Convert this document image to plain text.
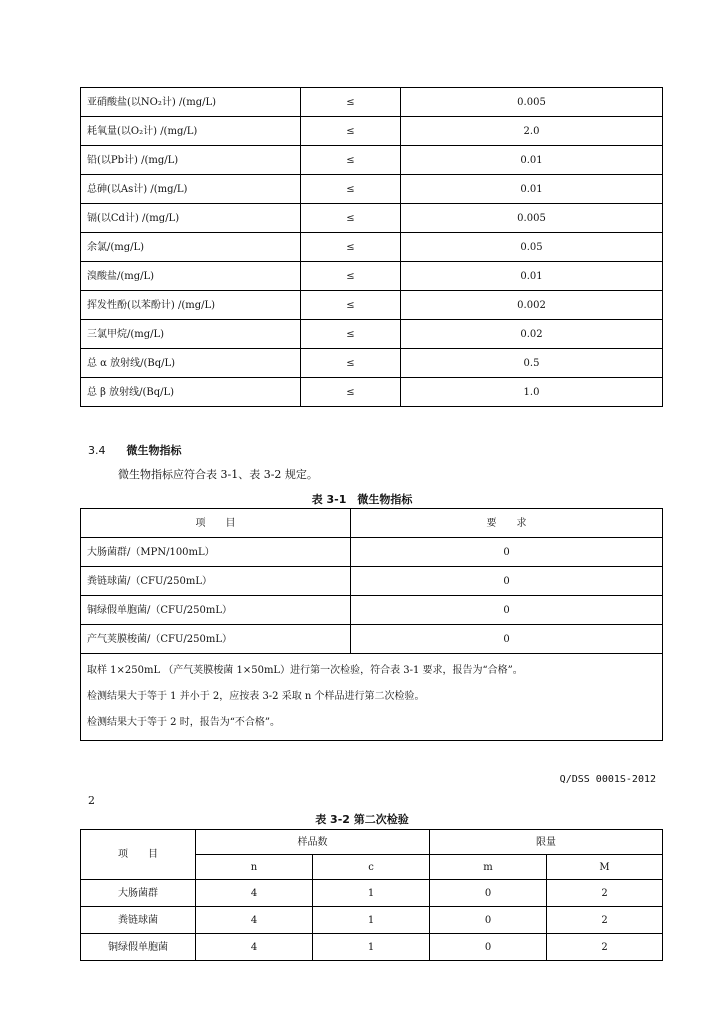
亚硝酸盐(以NO₂计) /(mg/L)	≤	0.005
耗氧量(以O₂计) /(mg/L)	≤	2.0
铅(以Pb计) /(mg/L)	≤	0.01
总砷(以As计) /(mg/L)	≤	0.01
镉(以Cd计) /(mg/L)	≤	0.005
余氯/(mg/L)	≤	0.05
溴酸盐/(mg/L)	≤	0.01
挥发性酚(以苯酚计) /(mg/L)	≤	0.002
三氯甲烷/(mg/L)	≤	0.02
总 α 放射线/(Bq/L)	≤	0.5
总 β 放射线/(Bq/L)	≤	1.0
3.4 微生物指标
微生物指标应符合表 3-1、表 3-2 规定。
表 3-1　微生物指标
项　　目	要　　求
大肠菌群/（MPN/100mL）	0
粪链球菌/（CFU/250mL）	0
铜绿假单胞菌/（CFU/250mL）	0
产气荚膜梭菌/（CFU/250mL）	0

取样 1×250mL （产气荚膜梭菌 1×50mL）进行第一次检验，符合表 3-1 要求，报告为“合格”。
检测结果大于等于 1 并小于 2，应按表 3-2 采取 n 个样品进行第二次检验。
检测结果大于等于 2 时，报告为“不合格”。	
Q/DSS 0001S-2012
2
表 3-2 第二次检验
项　　目	样品数		限量	
	n	c	m	M
大肠菌群	4	1	0	2
粪链球菌	4	1	0	2
铜绿假单胞菌	4	1	0	2
